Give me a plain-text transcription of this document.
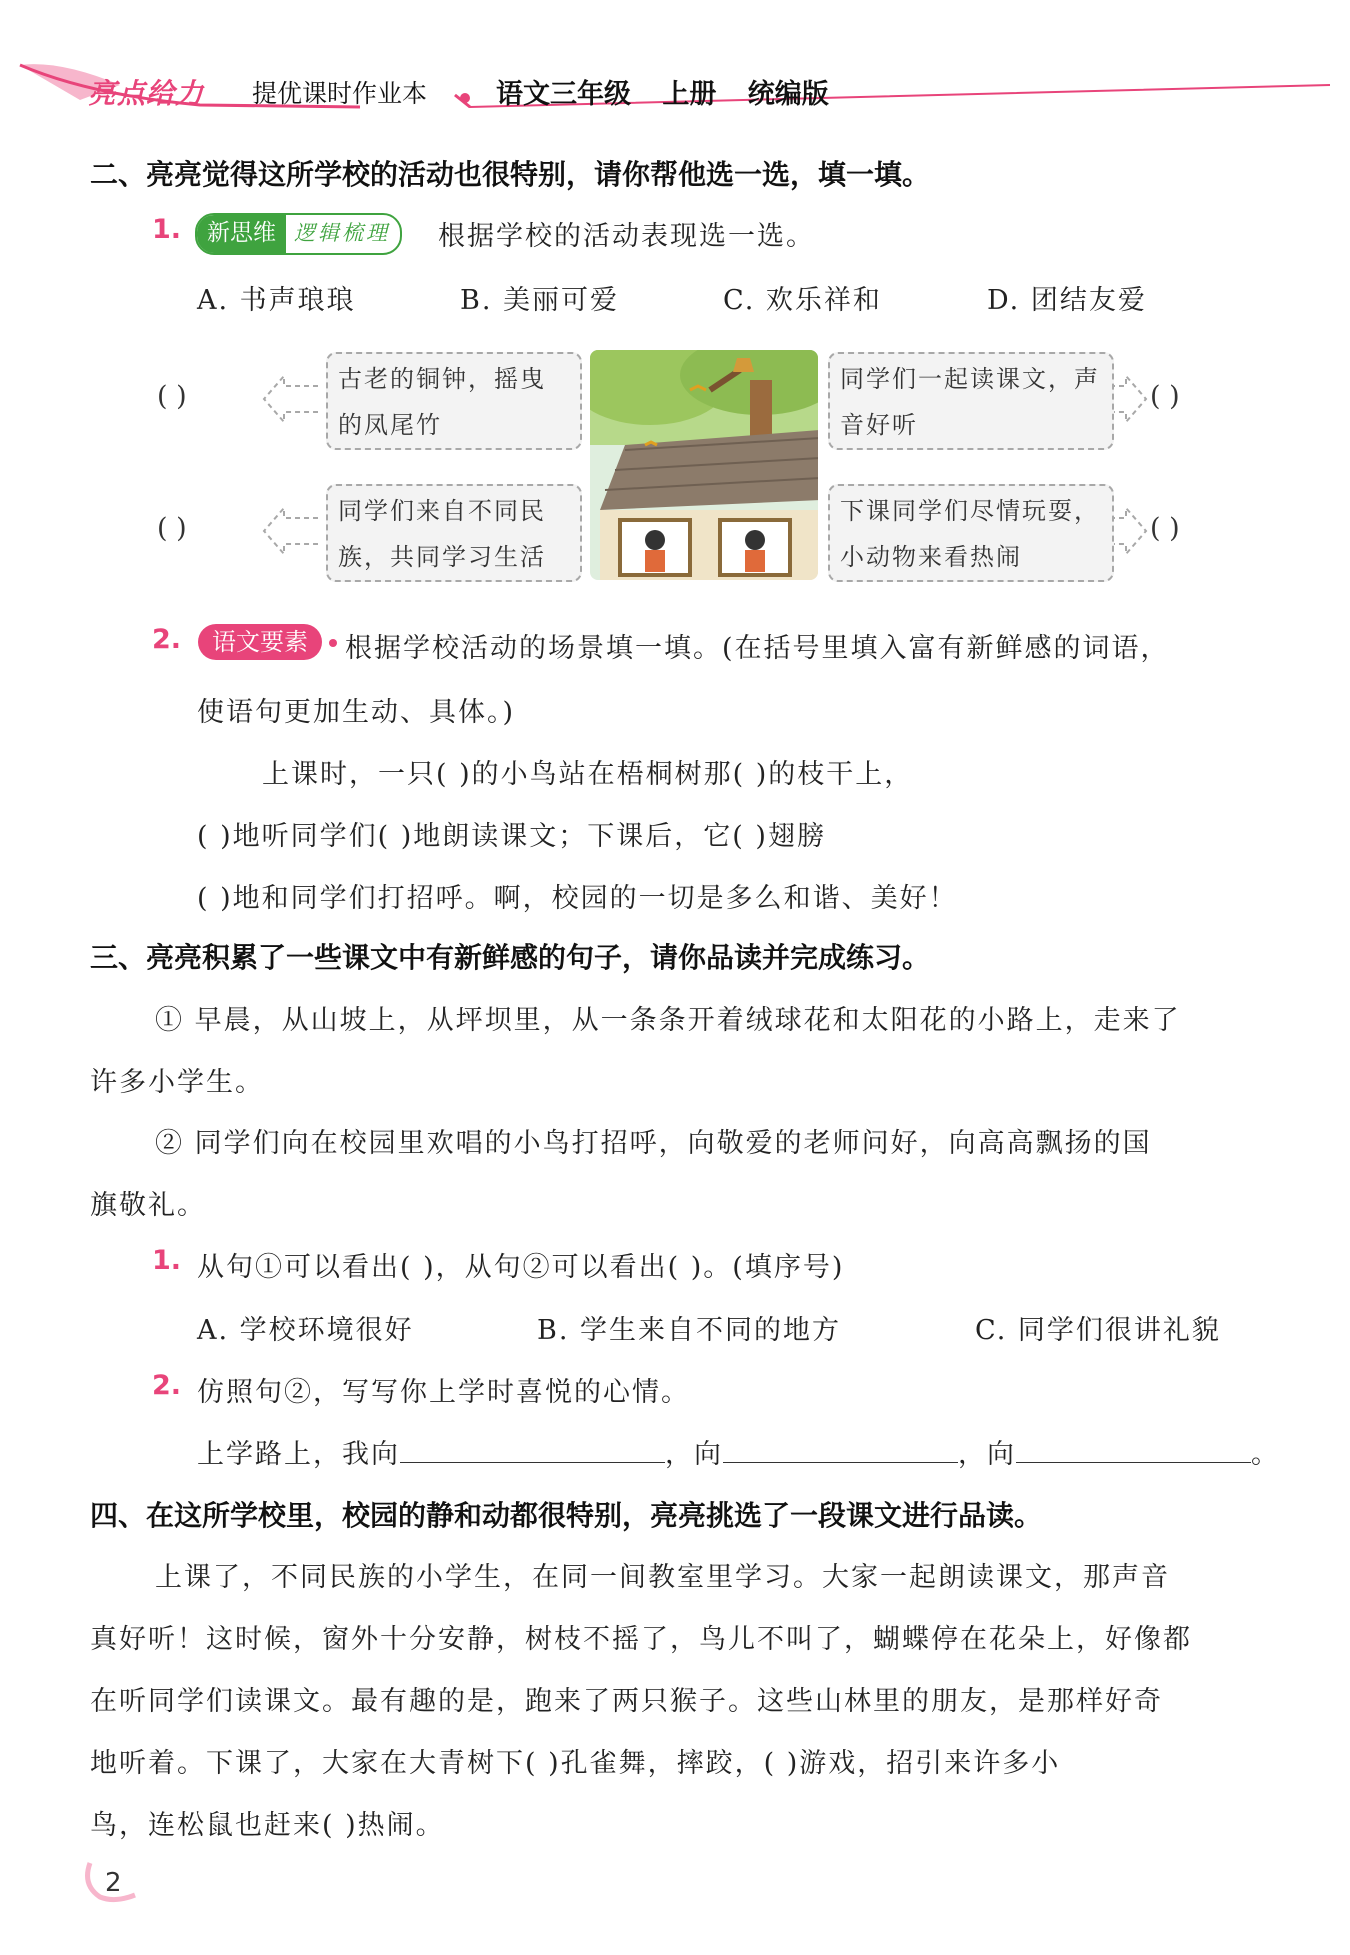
亮点给力 提优课时作业本	语文三年级 上册 统编版
二、亮亮觉得这所学校的活动也很特别，请你帮他选一选，填一填。
1.	新思维 逻辑梳理	根据学校的活动表现选一选。
A. 书声琅琅	B. 美丽可爱	C. 欢乐祥和	D. 团结友爱
( )
( )
( )
( )
古老的铜钟，摇曳的凤尾竹
同学们一起读课文，声音好听
同学们来自不同民族，共同学习生活
下课同学们尽情玩耍，小动物来看热闹
2.	语文要素	根据学校活动的场景填一填。(在括号里填入富有新鲜感的词语，
使语句更加生动、具体。)
上课时，一只( )的小鸟站在梧桐树那( )的枝干上，
( )地听同学们( )地朗读课文；下课后，它( )翅膀
( )地和同学们打招呼。啊，校园的一切是多么和谐、美好！
三、亮亮积累了一些课文中有新鲜感的句子，请你品读并完成练习。
① 早晨，从山坡上，从坪坝里，从一条条开着绒球花和太阳花的小路上，走来了
许多小学生。
② 同学们向在校园里欢唱的小鸟打招呼，向敬爱的老师问好，向高高飘扬的国
旗敬礼。
1. 从句①可以看出( )，从句②可以看出( )。(填序号)
A. 学校环境很好	B. 学生来自不同的地方	C. 同学们很讲礼貌
2. 仿照句②，写写你上学时喜悦的心情。
上学路上，我向	，向	，向	。
四、在这所学校里，校园的静和动都很特别，亮亮挑选了一段课文进行品读。
上课了，不同民族的小学生，在同一间教室里学习。大家一起朗读课文，那声音
真好听！这时候，窗外十分安静，树枝不摇了，鸟儿不叫了，蝴蝶停在花朵上，好像都
在听同学们读课文。最有趣的是，跑来了两只猴子。这些山林里的朋友，是那样好奇
地听着。下课了，大家在大青树下( )孔雀舞，摔跤，( )游戏，招引来许多小
鸟，连松鼠也赶来( )热闹。
2
